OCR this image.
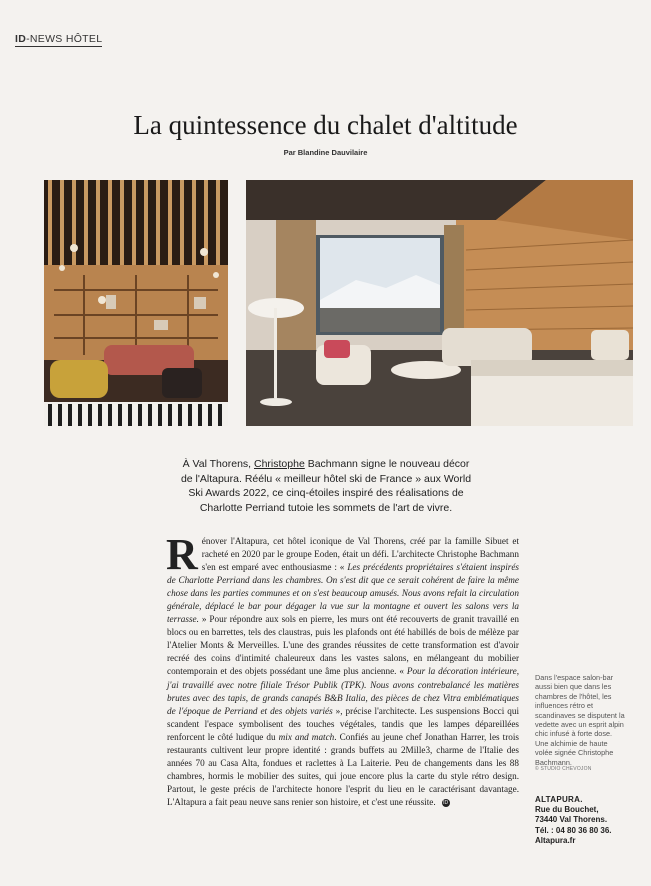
ID-NEWS HÔTEL
La quintessence du chalet d'altitude
Par Blandine Dauvilaire

À Val Thorens, Christophe Bachmann signe le nouveau décor de l'Altapura. Réélu « meilleur hôtel ski de France » aux World Ski Awards 2022, ce cinq-étoiles inspiré des réalisations de Charlotte Perriand tutoie les sommets de l'art de vivre.

Rénover l'Altapura, cet hôtel iconique de Val Thorens, créé par la famille Sibuet et racheté en 2020 par le groupe Eoden, était un défi. L'architecte Christophe Bachmann s'en est emparé avec enthousiasme : « Les précédents propriétaires s'étaient inspirés de Charlotte Perriand dans les chambres. On s'est dit que ce serait cohérent de faire la même chose dans les parties communes et on s'est beaucoup amusés. Nous avons refait la circulation générale, déplacé le bar pour dégager la vue sur la montagne et ouvert les salons vers la terrasse. » Pour répondre aux sols en pierre, les murs ont été recouverts de granit travaillé en blocs ou en barrettes, tels des claustras, puis les plafonds ont été habillés de bois de mélèze par l'Atelier Monts & Merveilles. L'une des grandes réussites de cette transformation est d'avoir recréé des coins d'intimité chaleureux dans les vastes salons, en mélangeant du mobilier contemporain et des objets possédant une âme plus ancienne. « Pour la décoration intérieure, j'ai travaillé avec notre filiale Trésor Publik (TPK). Nous avons contrebalancé les matières brutes avec des tapis, de grands canapés B&B Italia, des pièces de chez Vitra emblématiques de l'époque de Perriand et des objets variés », précise l'architecte. Les suspensions Bocci qui scandent l'espace symbolisent des touches végétales, tandis que les lampes dépareillées renforcent le côté ludique du mix and match. Confiés au jeune chef Jonathan Harrer, les trois restaurants cultivent leur propre identité : grands buffets au 2Mille3, charme de l'Italie des années 70 au Casa Alta, fondues et raclettes à La Laiterie. Peu de changements dans les 88 chambres, hormis le mobilier des suites, qui joue encore plus la carte du style rétro design. Partout, le geste précis de l'architecte honore l'esprit du lieu en le caractérisant davantage. L'Altapura a fait peau neuve sans renier son histoire, et c'est une réussite. ID
Dans l'espace salon-bar aussi bien que dans les chambres de l'hôtel, les influences rétro et scandinaves se disputent la vedette avec un esprit alpin chic infusé à forte dose. Une alchimie de haute volée signée Christophe Bachmann.
© STUDIO CHEVOJON
ALTAPURA.
Rue du Bouchet,
73440 Val Thorens.
Tél. : 04 80 36 80 36.
Altapura.fr
